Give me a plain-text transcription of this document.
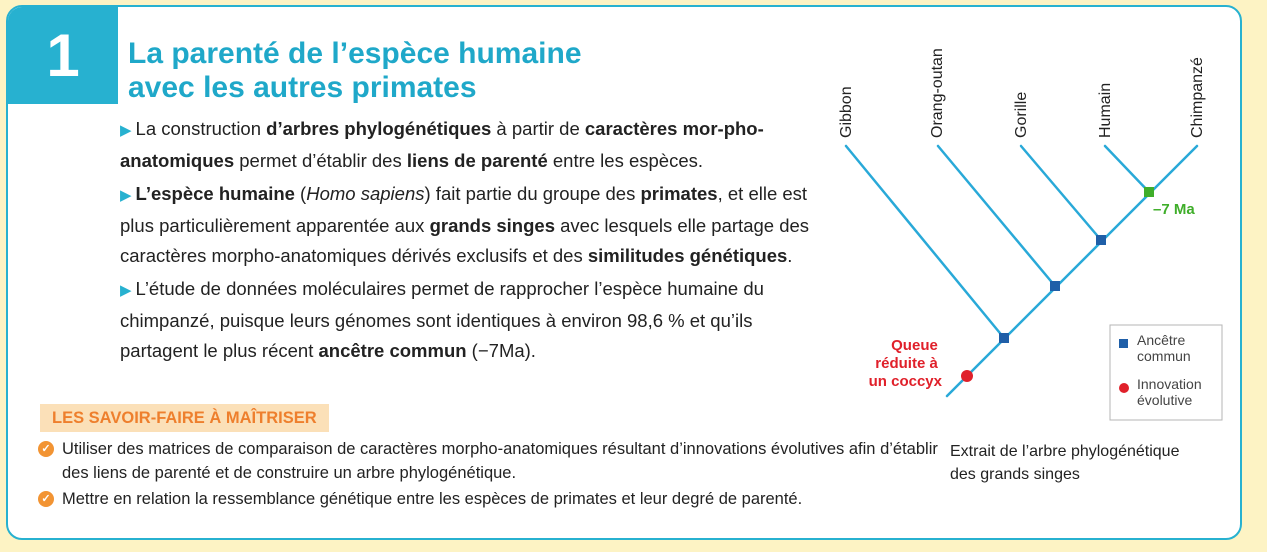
1	La parenté de l’espèce humaine
avec les autres primates

▶ La construction d’arbres phylogénétiques à partir de caractères mor-pho-anatomiques permet d’établir des liens de parenté entre les espèces.

▶ L’espèce humaine (Homo sapiens) fait partie du groupe des primates, et elle est plus particulièrement apparentée aux grands singes avec lesquels elle partage des caractères morpho-anatomiques dérivés exclusifs et des similitudes génétiques.

▶ L’étude de données moléculaires permet de rapprocher l’espèce humaine du chimpanzé, puisque leurs génomes sont identiques à environ 98,6 % et qu’ils partagent le plus récent ancêtre commun (−7Ma).

LES SAVOIR-FAIRE À MAÎTRISER
✓ Utiliser des matrices de comparaison de caractères morpho-anatomiques résultant d’innovations évolutives afin d’établir des liens de parenté et de construire un arbre phylogénétique.
✓ Mettre en relation la ressemblance génétique entre les espèces de primates et leur degré de parenté.
–7 Ma
Queue réduite à un coccyx
Gibbon	Orang-outan	Gorille	Humain	Chimpanzé
Ancêtre commun
Innovation évolutive
Extrait de l’arbre phylogénétique
des grands singes
